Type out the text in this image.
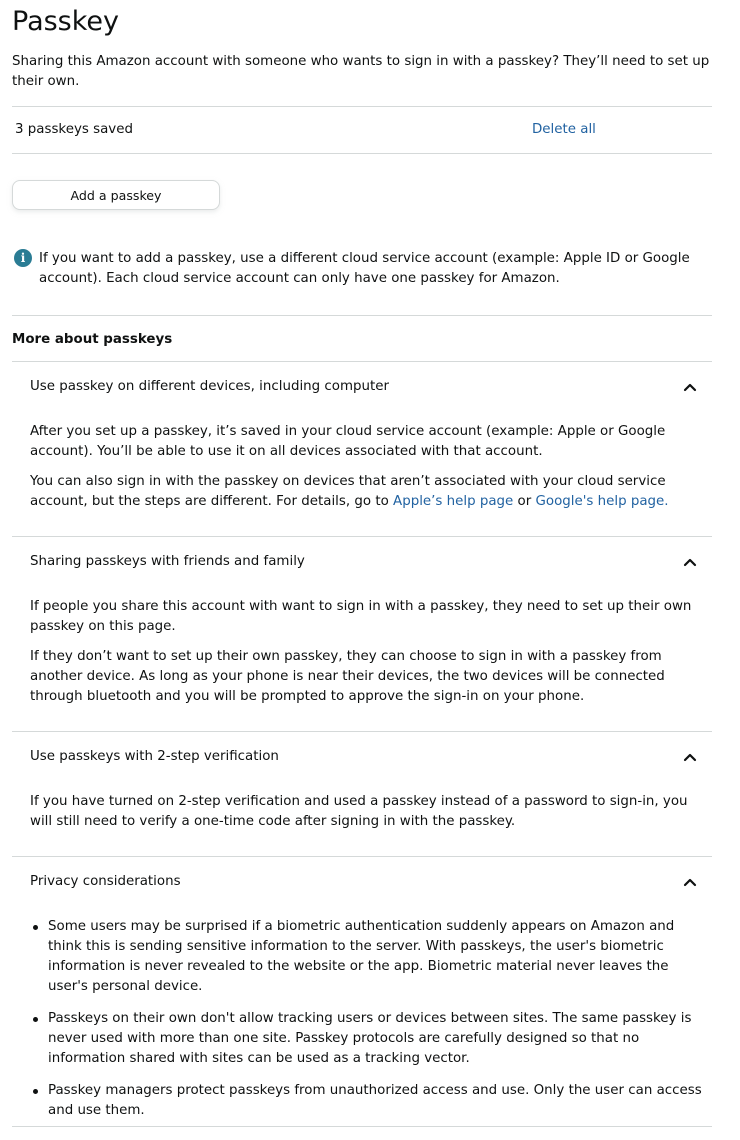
Passkey
Sharing this Amazon account with someone who wants to sign in with a passkey? They’ll need to set up their own.
3 passkeys saved	Delete all
Add a passkey
i	If you want to add a passkey, use a different cloud service account (example: Apple ID or Google account). Each cloud service account can only have one passkey for Amazon.
More about passkeys
Use passkey on different devices, including computer

After you set up a passkey, it’s saved in your cloud service account (example: Apple or Google account). You’ll be able to use it on all devices associated with that account.

You can also sign in with the passkey on devices that aren’t associated with your cloud service account, but the steps are different. For details, go to Apple’s help page or Google's help page.

Sharing passkeys with friends and family

If people you share this account with want to sign in with a passkey, they need to set up their own passkey on this page.

If they don’t want to set up their own passkey, they can choose to sign in with a passkey from another device. As long as your phone is near their devices, the two devices will be connected through bluetooth and you will be prompted to approve the sign-in on your phone.

Use passkeys with 2-step verification

If you have turned on 2-step verification and used a passkey instead of a password to sign-in, you will still need to verify a one-time code after signing in with the passkey.

Privacy considerations
Some users may be surprised if a biometric authentication suddenly appears on Amazon and think this is sending sensitive information to the server. With passkeys, the user's biometric information is never revealed to the website or the app. Biometric material never leaves the user's personal device.
Passkeys on their own don't allow tracking users or devices between sites. The same passkey is never used with more than one site. Passkey protocols are carefully designed so that no information shared with sites can be used as a tracking vector.
Passkey managers protect passkeys from unauthorized access and use. Only the user can access and use them.
